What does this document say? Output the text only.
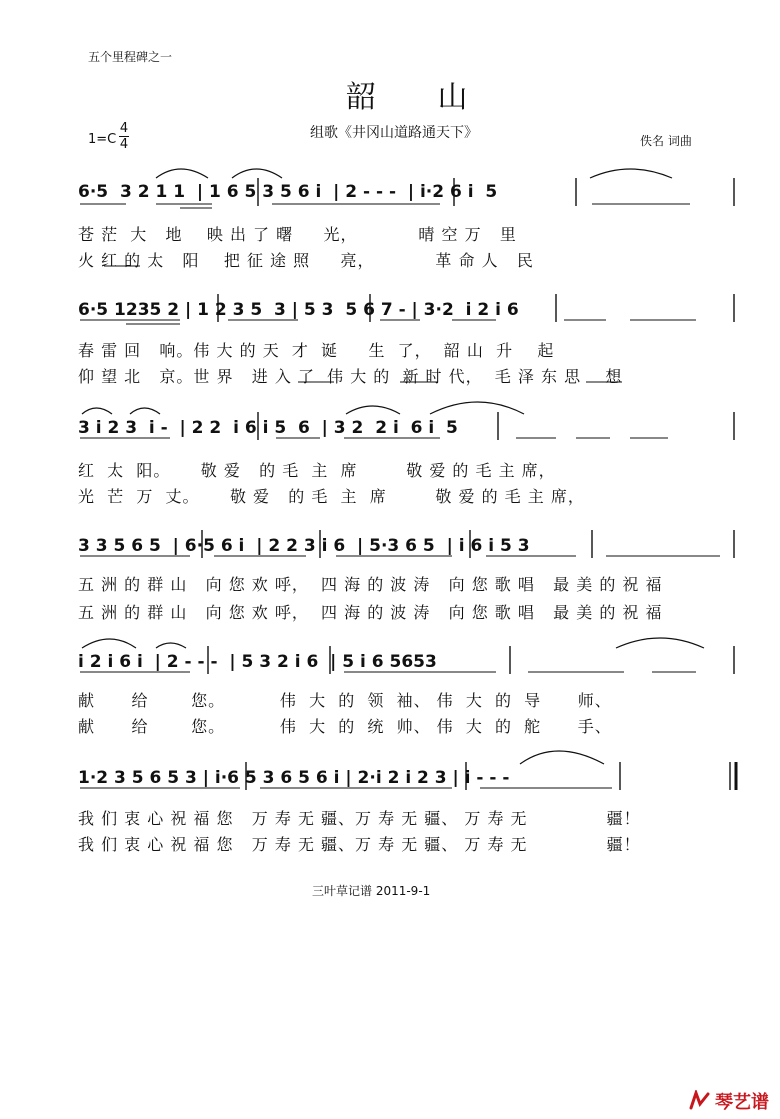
五个里程碑之一
韶 山
1=C
4
4
组歌《井冈山道路通天下》	佚名 词曲
6·5  3 2 1 1  | 1 6 5 3 5 6 i  | 2 - - -  | i·2 6 i  5
苍 茫  大   地    映 出 了 曙     光，          晴 空 万   里
火 红 的 太   阳    把 征 途 照     亮，          革 命 人   民
6·5 1235 2 | 1 2 3 5  3 | 5 3  5 6 7 - | 3·2  i 2 i 6
春 雷 回   响。伟 大 的 天  才  诞     生  了，  韶 山  升    起
仰 望 北   京。世 界   进 入 了  伟 大 的  新 时 代，  毛 泽 东 思    想
3 i 2 3  i -  | 2 2  i 6 i 5  6  | 3 2  2 i  6 i  5
红  太  阳。     敬 爱   的 毛  主  席        敬 爱 的 毛 主 席，
光  芒  万  丈。     敬 爱   的 毛  主  席        敬 爱 的 毛 主 席，
3 3 5 6 5  | 6·5 6 i  | 2 2 3 i 6  | 5·3 6 5  | i 6 i 5 3
五 洲 的 群 山   向 您 欢 呼，  四 海 的 波 涛   向 您 歌 唱   最 美 的 祝 福
五 洲 的 群 山   向 您 欢 呼，  四 海 的 波 涛   向 您 歌 唱   最 美 的 祝 福
i 2 i 6 i  | 2 - - -  | 5 3 2 i 6  | 5 i 6 5653
献      给       您。         伟  大  的  领  袖、 伟  大  的  导      师、
献      给       您。         伟  大  的  统  帅、 伟  大  的  舵      手、
1·2 3 5 6 5 3 | i·6 5 3 6 5 6 i | 2·i 2 i 2 3 | i - - -
我 们 衷 心 祝 福 您   万 寿 无 疆、万 寿 无 疆、 万 寿 无             疆！
我 们 衷 心 祝 福 您   万 寿 无 疆、万 寿 无 疆、 万 寿 无             疆！
三叶草记谱 2011-9-1
琴艺谱
